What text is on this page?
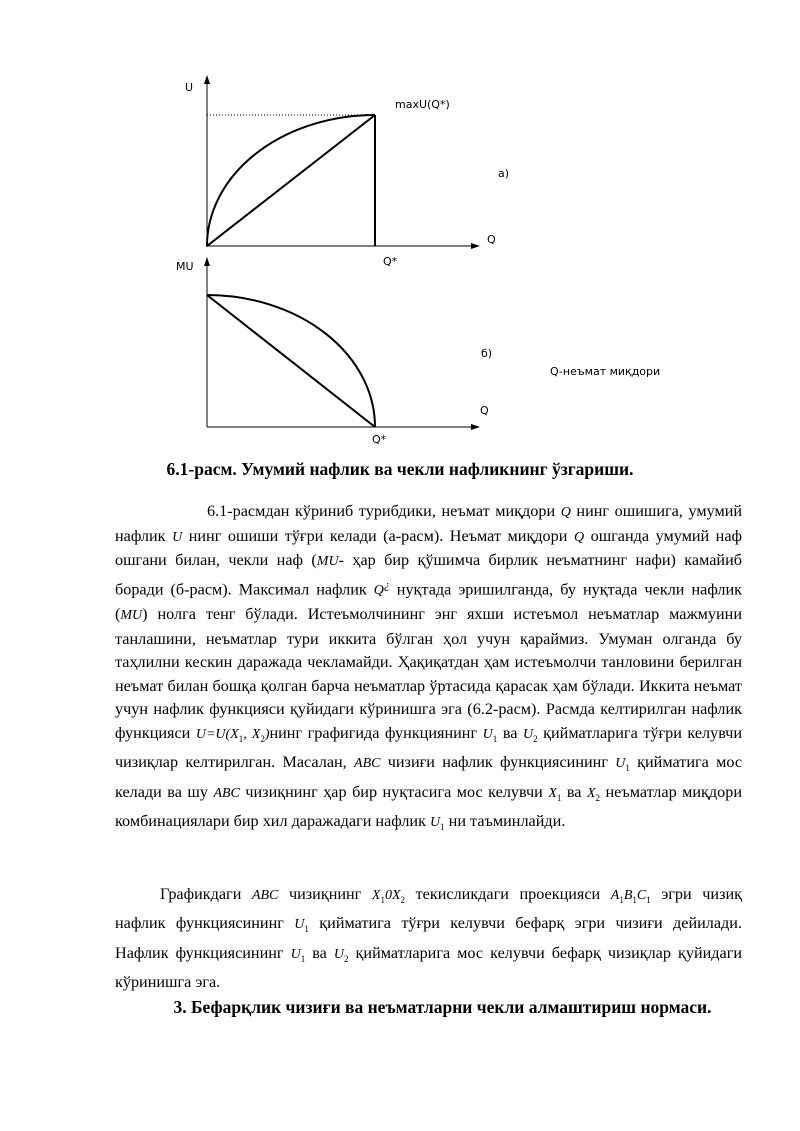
U
maxU(Q*)
а)
Q
Q*
MU
б)
Q-неъмат миқдори
Q
Q*
6.1-расм. Умумий нафлик ва чекли нафликнинг ўзгариши.
6.1-расмдан кўриниб турибдики, неъмат миқдори Q нинг ошишига, умумий нафлик U нинг ошиши тўғри келади (а-расм). Неъмат миқдори Q ошганда умумий наф ошгани билан, чекли наф (MU- ҳар бир қўшимча бирлик неъматнинг нафи) камайиб боради (б-расм). Максимал нафлик Q¿ нуқтада эришилганда, бу нуқтада чекли нафлик (MU) нолга тенг бўлади. Истеъмолчининг энг яхши истеъмол неъматлар мажмуини танлашини, неъматлар тури иккита бўлган ҳол учун қараймиз. Умуман олганда бу таҳлилни кескин даражада чекламайди. Ҳақиқатдан ҳам истеъмолчи танловини берилган неъмат билан бошқа қолган барча неъматлар ўртасида қарасак ҳам бўлади. Иккита неъмат учун нафлик функцияси қуйидаги кўринишга эга (6.2-расм). Расмда келтирилган нафлик функцияси $U=U(X_1$, $X_2)нинг$ графигида функциянинг $U_1$ ва $U_2$ қийматларига тўғри келувчи чизиқлар келтирилган. Масалан, ABC чизиғи нафлик функциясининг $U_1$ қийматига мос келади ва шу ABC чизиқнинг ҳар бир нуқтасига мос келувчи $X_1$ ва $X_2$ неъматлар миқдори комбинациялари бир хил даражадаги нафлик $U_1$ ни таъминлайди.
Графикдаги ABC чизиқнинг $X_10X_2$ текисликдаги проекцияси $A_1B_1C_1$ эгри чизиқ нафлик функциясининг $U_1$ қийматига тўғри келувчи бефарқ эгри чизиғи дейилади. Нафлик функциясининг $U_1$ ва $U_2$ қийматларига мос келувчи бефарқ чизиқлар қуйидаги кўринишга эга.
3. Бефарқлик чизиғи ва неъматларни чекли алмаштириш нормаси.
